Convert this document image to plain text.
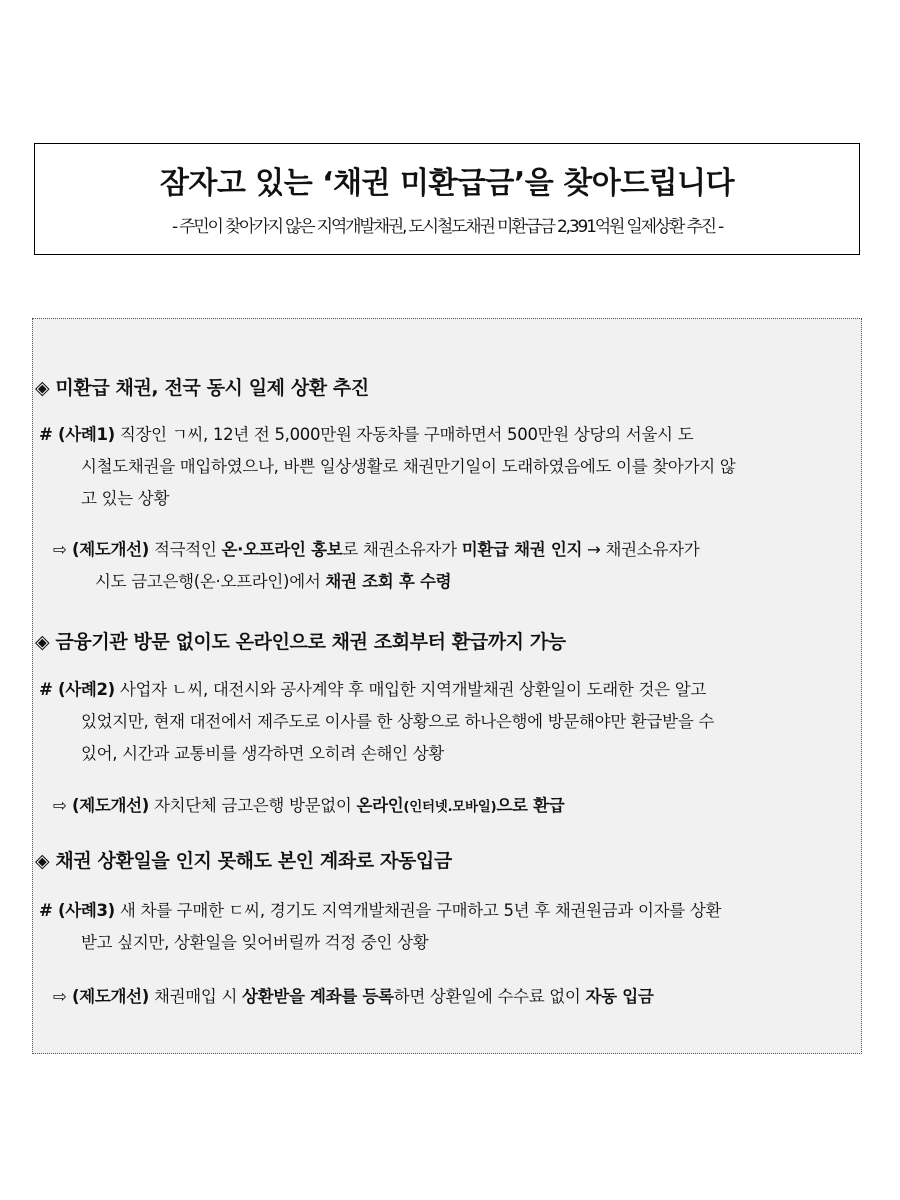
잠자고 있는 ‘채권 미환급금’을 찾아드립니다
- 주민이 찾아가지 않은 지역개발채권, 도시철도채권 미환급금 2,391억원 일제상환 추진 -
◈ 미환급 채권, 전국 동시 일제 상환 추진
# (사례1) 직장인 ㄱ씨, 12년 전 5,000만원 자동차를 구매하면서 500만원 상당의 서울시 도
시철도채권을 매입하였으나, 바쁜 일상생활로 채권만기일이 도래하였음에도 이를 찾아가지 않
고 있는 상황
⇨ (제도개선) 적극적인 온·오프라인 홍보로 채권소유자가 미환급 채권 인지 → 채권소유자가
시도 금고은행(온·오프라인)에서 채권 조회 후 수령
◈ 금융기관 방문 없이도 온라인으로 채권 조회부터 환급까지 가능
# (사례2) 사업자 ㄴ씨, 대전시와 공사계약 후 매입한 지역개발채권 상환일이 도래한 것은 알고
있었지만, 현재 대전에서 제주도로 이사를 한 상황으로 하나은행에 방문해야만 환급받을 수
있어, 시간과 교통비를 생각하면 오히려 손해인 상황
⇨ (제도개선) 자치단체 금고은행 방문없이 온라인(인터넷.모바일)으로 환급
◈ 채권 상환일을 인지 못해도 본인 계좌로 자동입금
# (사례3) 새 차를 구매한 ㄷ씨, 경기도 지역개발채권을 구매하고 5년 후 채권원금과 이자를 상환
받고 싶지만, 상환일을 잊어버릴까 걱정 중인 상황
⇨ (제도개선) 채권매입 시 상환받을 계좌를 등록하면 상환일에 수수료 없이 자동 입금
